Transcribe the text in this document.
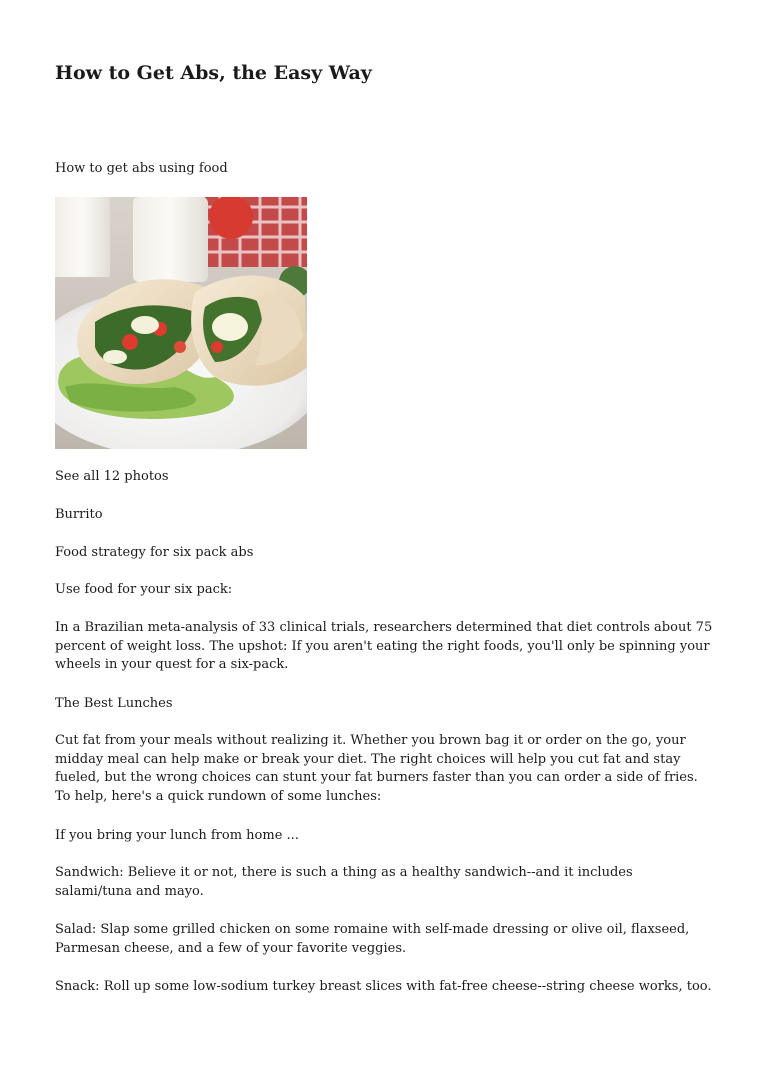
How to Get Abs, the Easy Way

How to get abs using food

See all 12 photos

Burrito

Food strategy for six pack abs

Use food for your six pack:

In a Brazilian meta-analysis of 33 clinical trials, researchers determined that diet controls about 75 percent of weight loss. The upshot: If you aren't eating the right foods, you'll only be spinning your wheels in your quest for a six-pack.

The Best Lunches

Cut fat from your meals without realizing it. Whether you brown bag it or order on the go, your midday meal can help make or break your diet. The right choices will help you cut fat and stay fueled, but the wrong choices can stunt your fat burners faster than you can order a side of fries. To help, here's a quick rundown of some lunches:

If you bring your lunch from home ...

Sandwich: Believe it or not, there is such a thing as a healthy sandwich--and it includes salami/tuna and mayo.

Salad: Slap some grilled chicken on some romaine with self-made dressing or olive oil, flaxseed, Parmesan cheese, and a few of your favorite veggies.

Snack: Roll up some low-sodium turkey breast slices with fat-free cheese--string cheese works, too.
